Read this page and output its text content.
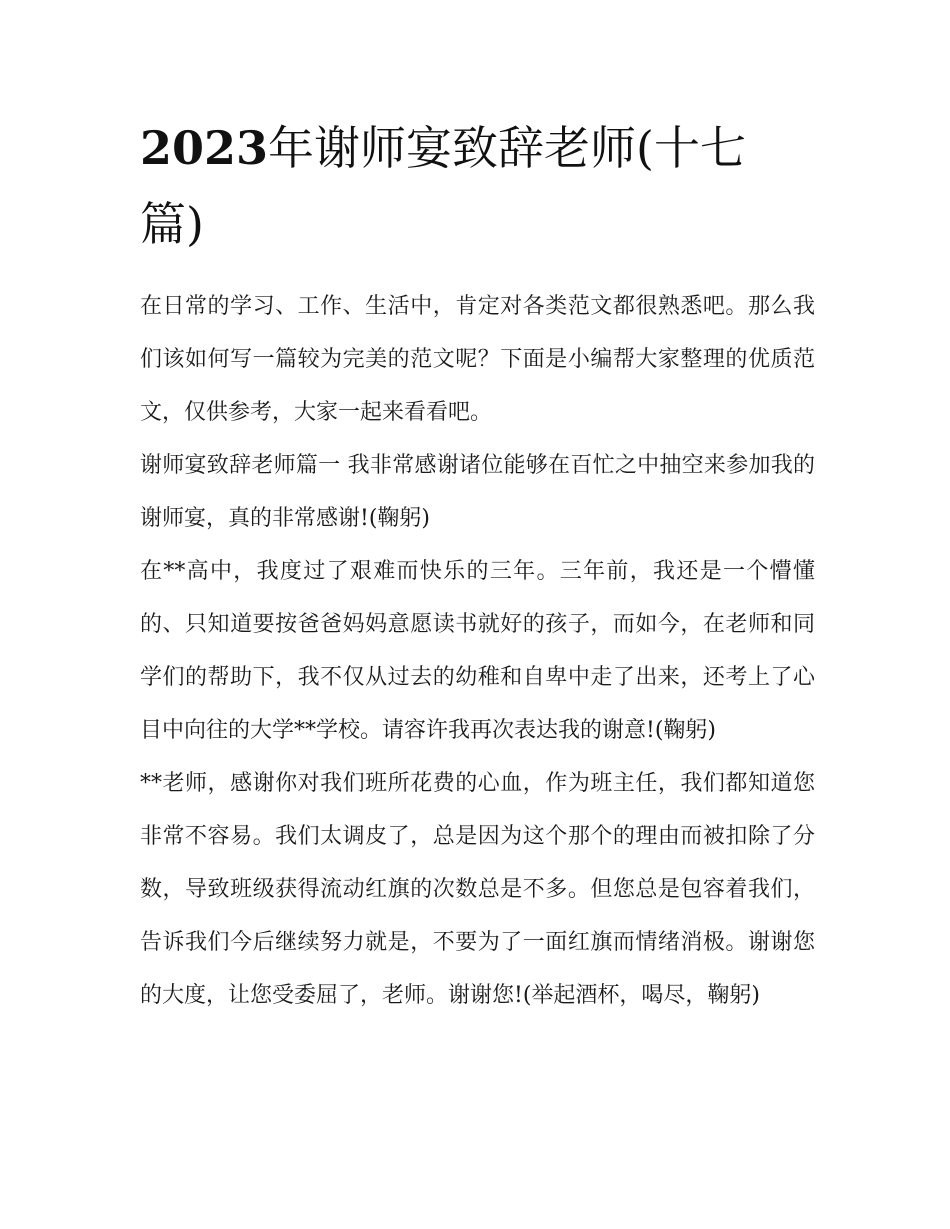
2023年谢师宴致辞老师(十七篇)

在日常的学习、工作、生活中，肯定对各类范文都很熟悉吧。那么我们该如何写一篇较为完美的范文呢？下面是小编帮大家整理的优质范文，仅供参考，大家一起来看看吧。

谢师宴致辞老师篇一 我非常感谢诸位能够在百忙之中抽空来参加我的谢师宴，真的非常感谢!(鞠躬)

在**高中，我度过了艰难而快乐的三年。三年前，我还是一个懵懂的、只知道要按爸爸妈妈意愿读书就好的孩子，而如今，在老师和同学们的帮助下，我不仅从过去的幼稚和自卑中走了出来，还考上了心目中向往的大学**学校。请容许我再次表达我的谢意!(鞠躬)

**老师，感谢你对我们班所花费的心血，作为班主任，我们都知道您非常不容易。我们太调皮了，总是因为这个那个的理由而被扣除了分数，导致班级获得流动红旗的次数总是不多。但您总是包容着我们，告诉我们今后继续努力就是，不要为了一面红旗而情绪消极。谢谢您的大度，让您受委屈了，老师。谢谢您!(举起酒杯，喝尽，鞠躬)
